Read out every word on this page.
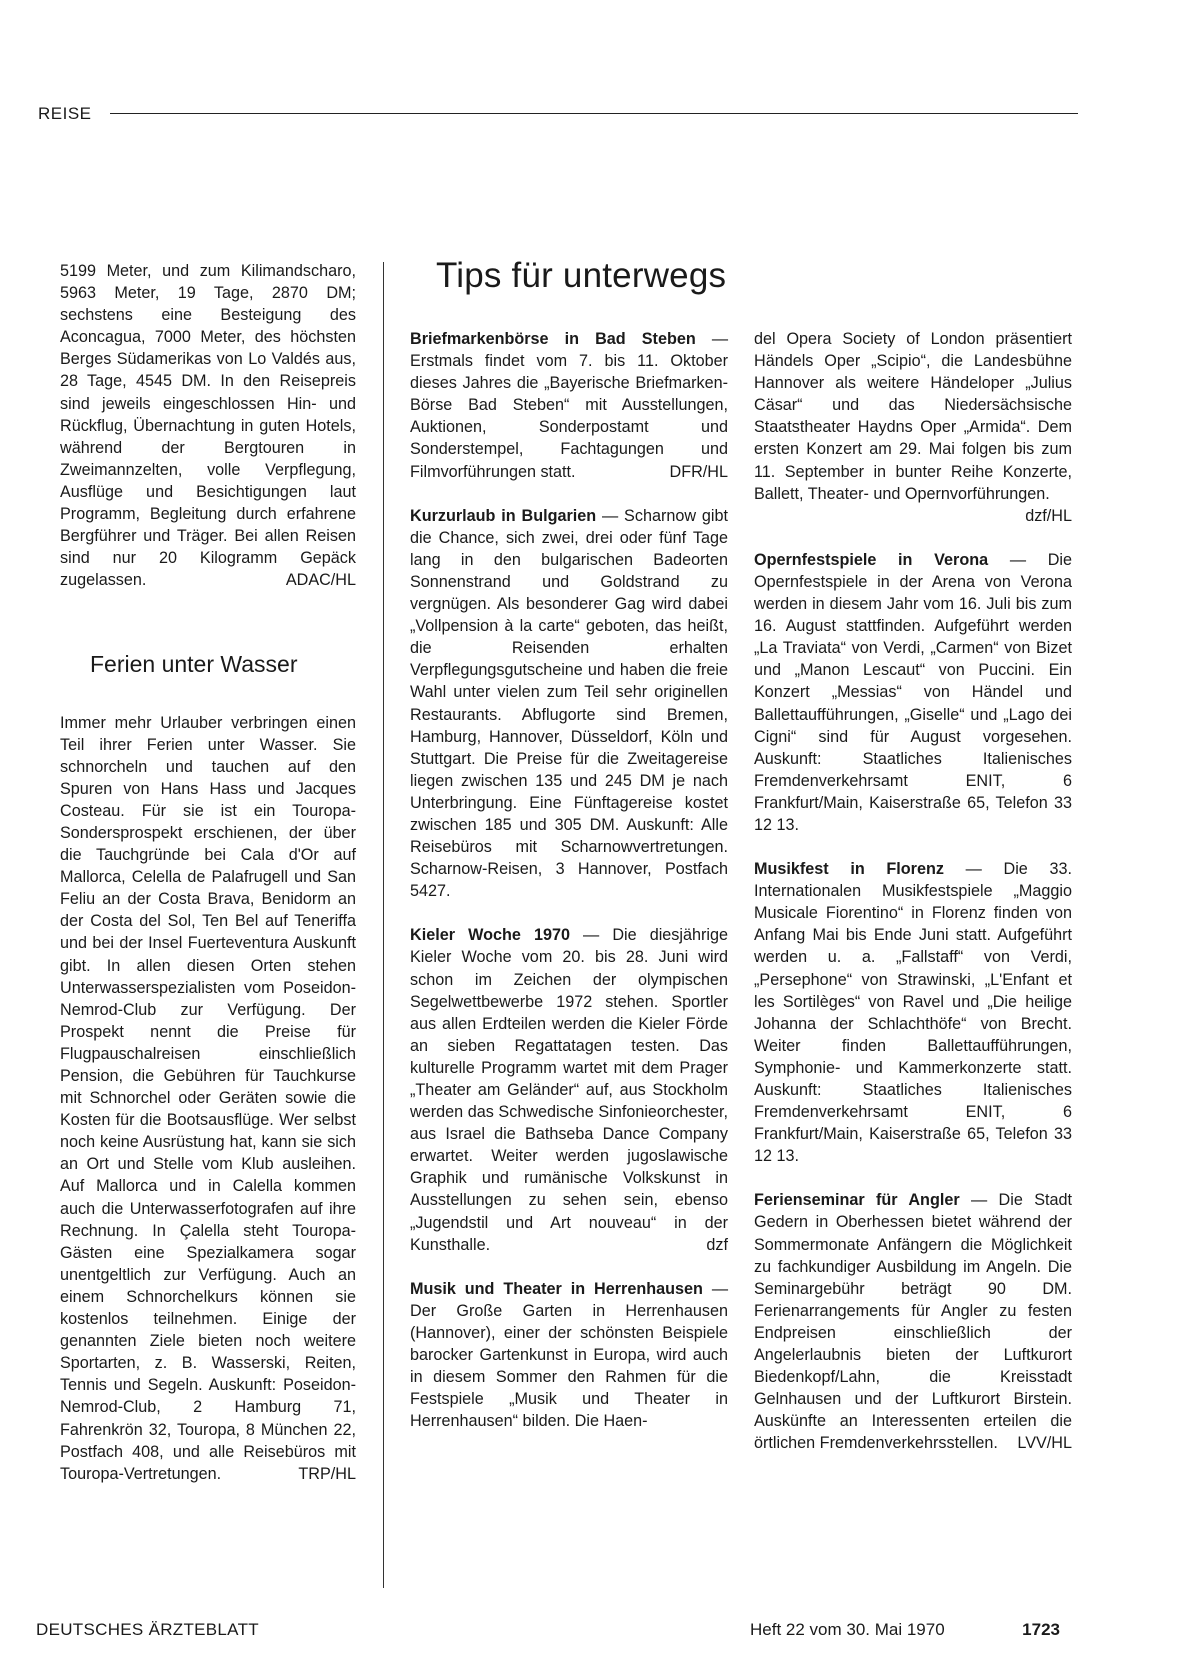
REISE
Tips für unterwegs
5199 Meter, und zum Kilimandscharo, 5963 Meter, 19 Tage, 2870 DM; sechstens eine Besteigung des Aconcagua, 7000 Meter, des höchsten Berges Südamerikas von Lo Valdés aus, 28 Tage, 4545 DM. In den Reisepreis sind jeweils eingeschlossen Hin- und Rückflug, Übernachtung in guten Hotels, während der Bergtouren in Zweimannzelten, volle Verpflegung, Ausflüge und Besichtigungen laut Programm, Begleitung durch erfahrene Bergführer und Träger. Bei allen Reisen sind nur 20 Kilogramm Gepäck zugelassen.	ADAC/HL
Ferien unter Wasser
Immer mehr Urlauber verbringen einen Teil ihrer Ferien unter Wasser. Sie schnorcheln und tauchen auf den Spuren von Hans Hass und Jacques Costeau. Für sie ist ein Touropa-Sondersprospekt erschienen, der über die Tauchgründe bei Cala d'Or auf Mallorca, Celella de Palafrugell und San Feliu an der Costa Brava, Benidorm an der Costa del Sol, Ten Bel auf Teneriffa und bei der Insel Fuerteventura Auskunft gibt. In allen diesen Orten stehen Unterwasserspezialisten vom Poseidon-Nemrod-Club zur Verfügung. Der Prospekt nennt die Preise für Flugpauschalreisen einschließlich Pension, die Gebühren für Tauchkurse mit Schnorchel oder Geräten sowie die Kosten für die Bootsausflüge. Wer selbst noch keine Ausrüstung hat, kann sie sich an Ort und Stelle vom Klub ausleihen. Auf Mallorca und in Calella kommen auch die Unterwasserfotografen auf ihre Rechnung. In Çalella steht Touropa-Gästen eine Spezialkamera sogar unentgeltlich zur Verfügung. Auch an einem Schnorchelkurs können sie kostenlos teilnehmen. Einige der genannten Ziele bieten noch weitere Sportarten, z. B. Wasserski, Reiten, Tennis und Segeln. Auskunft: Poseidon-Nemrod-Club, 2 Hamburg 71, Fahrenkrön 32, Touropa, 8 München 22, Postfach 408, und alle Reisebüros mit Touropa-Vertretungen.	TRP/HL
Briefmarkenbörse in Bad Steben — Erstmals findet vom 7. bis 11. Oktober dieses Jahres die „Bayerische Briefmarken-Börse Bad Steben“ mit Ausstellungen, Auktionen, Sonderpostamt und Sonderstempel, Fachtagungen und Filmvorführungen statt.	DFR/HL
Kurzurlaub in Bulgarien — Scharnow gibt die Chance, sich zwei, drei oder fünf Tage lang in den bulgarischen Badeorten Sonnenstrand und Goldstrand zu vergnügen. Als besonderer Gag wird dabei „Vollpension à la carte“ geboten, das heißt, die Reisenden erhalten Verpflegungsgutscheine und haben die freie Wahl unter vielen zum Teil sehr originellen Restaurants. Abflugorte sind Bremen, Hamburg, Hannover, Düsseldorf, Köln und Stuttgart. Die Preise für die Zweitagereise liegen zwischen 135 und 245 DM je nach Unterbringung. Eine Fünftagereise kostet zwischen 185 und 305 DM. Auskunft: Alle Reisebüros mit Scharnowvertretungen. Scharnow-Reisen, 3 Hannover, Postfach 5427.
Kieler Woche 1970 — Die diesjährige Kieler Woche vom 20. bis 28. Juni wird schon im Zeichen der olympischen Segelwettbewerbe 1972 stehen. Sportler aus allen Erdteilen werden die Kieler Förde an sieben Regattatagen testen. Das kulturelle Programm wartet mit dem Prager „Theater am Geländer“ auf, aus Stockholm werden das Schwedische Sinfonieorchester, aus Israel die Bathseba Dance Company erwartet. Weiter werden jugoslawische Graphik und rumänische Volkskunst in Ausstellungen zu sehen sein, ebenso „Jugendstil und Art nouveau“ in der Kunsthalle.	dzf
Musik und Theater in Herrenhausen — Der Große Garten in Herrenhausen (Hannover), einer der schönsten Beispiele barocker Gartenkunst in Europa, wird auch in diesem Sommer den Rahmen für die Festspiele „Musik und Theater in Herrenhausen“ bilden. Die Haen-
del Opera Society of London präsentiert Händels Oper „Scipio“, die Landesbühne Hannover als weitere Händeloper „Julius Cäsar“ und das Niedersächsische Staatstheater Haydns Oper „Armida“. Dem ersten Konzert am 29. Mai folgen bis zum 11. September in bunter Reihe Konzerte, Ballett, Theater- und Opernvorführungen.
dzf/HL
Opernfestspiele in Verona — Die Opernfestspiele in der Arena von Verona werden in diesem Jahr vom 16. Juli bis zum 16. August stattfinden. Aufgeführt werden „La Traviata“ von Verdi, „Carmen“ von Bizet und „Manon Lescaut“ von Puccini. Ein Konzert „Messias“ von Händel und Ballettaufführungen, „Giselle“ und „Lago dei Cigni“ sind für August vorgesehen. Auskunft: Staatliches Italienisches Fremdenverkehrsamt ENIT, 6 Frankfurt/Main, Kaiserstraße 65, Telefon 33 12 13.
Musikfest in Florenz — Die 33. Internationalen Musikfestspiele „Maggio Musicale Fiorentino“ in Florenz finden von Anfang Mai bis Ende Juni statt. Aufgeführt werden u. a. „Fallstaff“ von Verdi, „Persephone“ von Strawinski, „L'Enfant et les Sortilèges“ von Ravel und „Die heilige Johanna der Schlachthöfe“ von Brecht. Weiter finden Ballettaufführungen, Symphonie- und Kammerkonzerte statt. Auskunft: Staatliches Italienisches Fremdenverkehrsamt ENIT, 6 Frankfurt/Main, Kaiserstraße 65, Telefon 33 12 13.
Ferienseminar für Angler — Die Stadt Gedern in Oberhessen bietet während der Sommermonate Anfängern die Möglichkeit zu fachkundiger Ausbildung im Angeln. Die Seminargebühr beträgt 90 DM. Ferienarrangements für Angler zu festen Endpreisen einschließlich der Angelerlaubnis bieten der Luftkurort Biedenkopf/Lahn, die Kreisstadt Gelnhausen und der Luftkurort Birstein. Auskünfte an Interessenten erteilen die örtlichen Fremdenverkehrsstellen. LVV/HL
DEUTSCHES ÄRZTEBLATT	Heft 22 vom 30. Mai 1970	1723
